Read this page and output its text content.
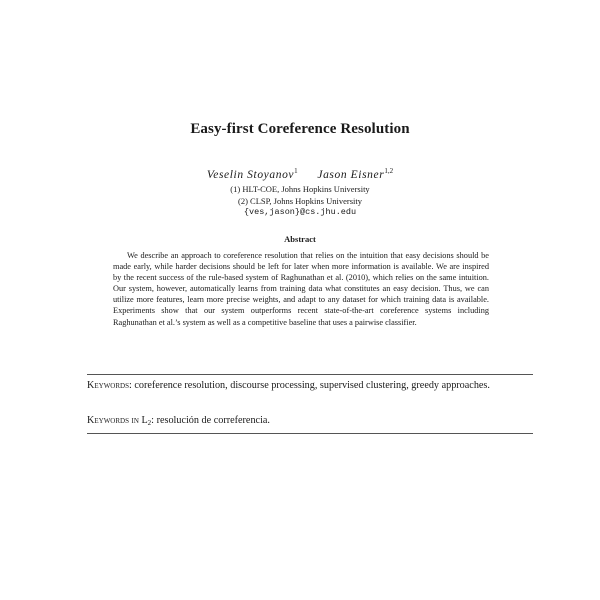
Easy-first Coreference Resolution
Veselin Stoyanov$^1$ Jason Eisner$^{1,2}$
(1) HLT-COE, Johns Hopkins University
(2) CLSP, Johns Hopkins University
{ves,jason}@cs.jhu.edu
Abstract
We describe an approach to coreference resolution that relies on the intuition that easy decisions should be made early, while harder decisions should be left for later when more information is available. We are inspired by the recent success of the rule-based system of Raghunathan et al. (2010), which relies on the same intuition. Our system, however, automatically learns from training data what constitutes an easy decision. Thus, we can utilize more features, learn more precise weights, and adapt to any dataset for which training data is available. Experiments show that our system outperforms recent state-of-the-art coreference systems including Raghunathan et al.’s system as well as a competitive baseline that uses a pairwise classifier.
Keywords: coreference resolution, discourse processing, supervised clustering, greedy approaches.
Keywords in $L_2$: resolución de correferencia.
